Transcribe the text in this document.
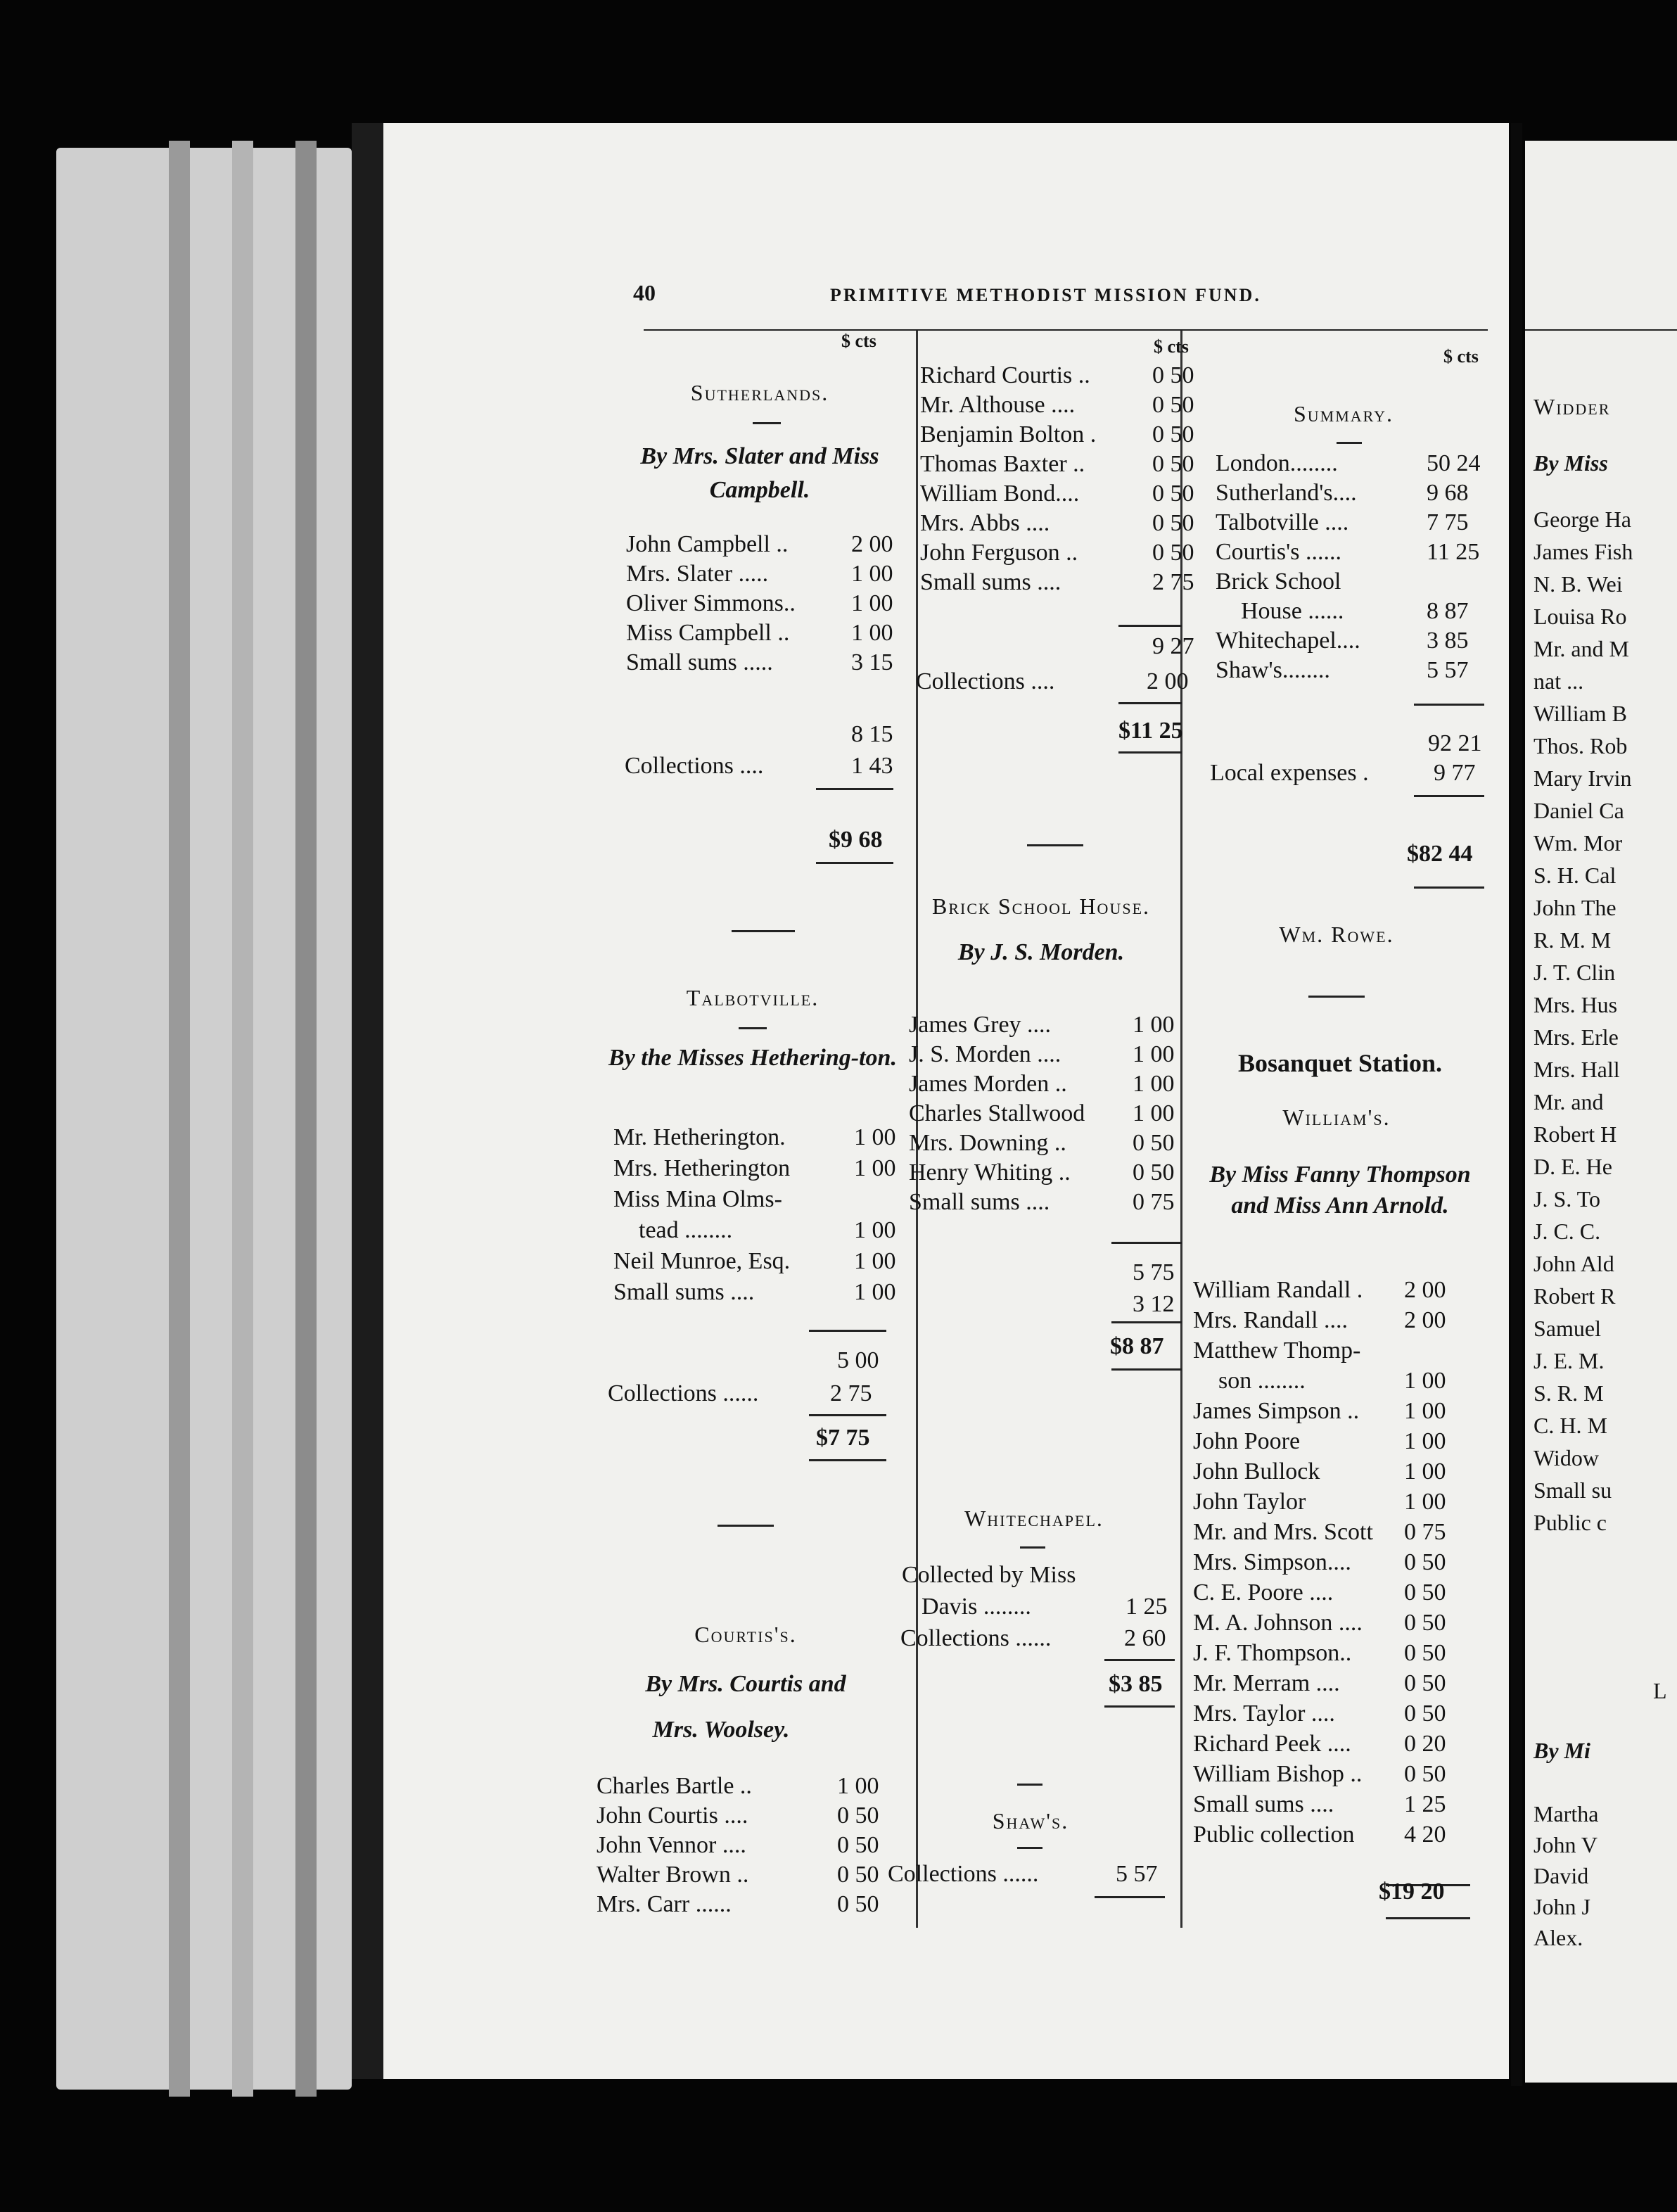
40	PRIMITIVE METHODIST MISSION FUND.
$ cts
Sutherlands.
By Mrs. Slater and Miss Campbell.
John Campbell ..	2 00
Mrs. Slater .....	1 00
Oliver Simmons.. 1 00
Miss Campbell ..	1 00
Small sums .....	3 15
8 15
Collections ....	1 43
$9 68
Talbotville.
By the Misses Hethering-ton.
Mr. Hetherington.	1 00
Mrs. Hetherington	1 00
Miss Mina Olms-
tead ........	1 00
Neil Munroe, Esq.	1 00
Small sums ....	1 00
5 00
Collections ......	2 75
$7 75
Courtis's.
By Mrs. Courtis and
Mrs. Woolsey.
Charles Bartle ..	1 00
John Courtis ....	0 50
John Vennor ....	0 50
Walter Brown ..	0 50
Mrs. Carr ......	0 50
$ cts
Richard Courtis ..	0 50
Mr. Althouse ....	0 50
Benjamin Bolton . 0 50
Thomas Baxter ..	0 50
William Bond....	0 50
Mrs. Abbs ....	0 50
John Ferguson ..	0 50
Small sums ....	2 75
9 27
Collections ....	2 00
$11 25
Brick School House.
By J. S. Morden.
James Grey ....	1 00
J. S. Morden ....	1 00
James Morden ..	1 00
Charles Stallwood 1 00
Mrs. Downing ..	0 50
Henry Whiting ..	0 50
Small sums ....	0 75
5 75
3 12
$8 87
Whitechapel.
Collected by Miss
Davis ........	1 25
Collections ......	2 60
$3 85
Shaw's.
Collections ......	5 57
$ cts
Summary.
London........	50 24
Sutherland's....	9 68
Talbotville ....	7 75
Courtis's ......	11 25
Brick School
House ......	8 87
Whitechapel....	3 85
Shaw's........	5 57
92 21
Local expenses .	9 77
$82 44
Wm. Rowe.
Bosanquet Station.
William's.
By Miss Fanny Thompson and Miss Ann Arnold.
William Randall . 2 00
Mrs. Randall .... 2 00
Matthew Thomp-
son ........	1 00
James Simpson .. 1 00
John Poore	1 00
John Bullock	1 00
John Taylor	1 00
Mr. and Mrs. Scott 0 75
Mrs. Simpson.... 0 50
C. E. Poore ....	0 50
M. A. Johnson .... 0 50
J. F. Thompson.. 0 50
Mr. Merram ....	0 50
Mrs. Taylor ....	0 50
Richard Peek .... 0 20
William Bishop .. 0 50
Small sums ....	1 25
Public collection 4 20
$19 20
Widder
By Miss
George Ha
James Fish
N. B. Wei
Louisa Ro
Mr. and M
nat ...
William B
Thos. Rob
Mary Irvin
Daniel Ca
Wm. Mor
S. H. Cal
John The
R. M. M
J. T. Clin
Mrs. Hus
Mrs. Erle
Mrs. Hall
Mr. and
Robert H
D. E. He
J. S. To
J. C. C.
John Ald
Robert R
Samuel
J. E. M.
S. R. M
C. H. M
Widow
Small su
Public c
L
By Mi
Martha
John V
David
John J
Alex.
